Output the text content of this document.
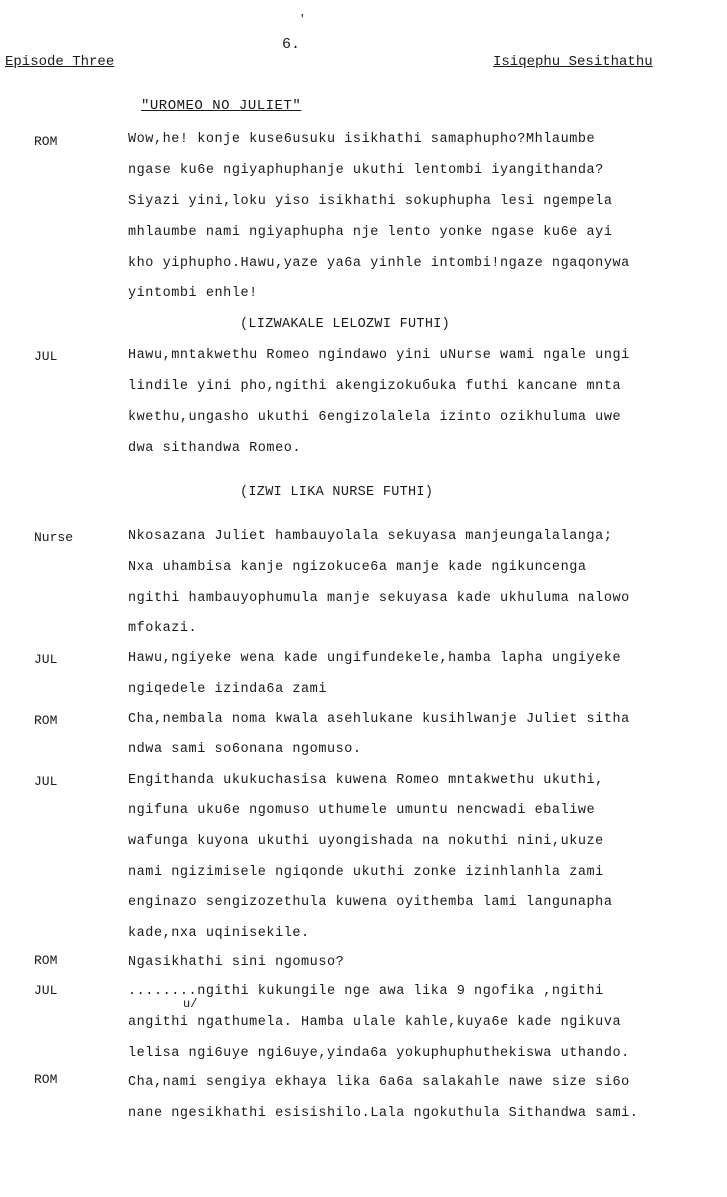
'
6.
Episode Three	Isiqephu Sesithathu
"UROMEO NO JULIET"
ROM	Wow,he! konje kuse6usuku isikhathi samaphupho?Mhlaumbe
ngase ku6e ngiyaphuphanje ukuthi lentombi iyangithanda?
Siyazi yini,loku yiso isikhathi sokuphupha lesi ngempela
mhlaumbe nami ngiyaphupha nje lento yonke ngase ku6e ayi
kho yiphupho.Hawu,yaze ya6a yinhle intombi!ngaze ngaqonywa
yintombi enhle!
(LIZWAKALE LELOZWI FUTHI)
JUL	Hawu,mntakwethu Romeo ngindawo yini uNurse wami ngale ungi
lindile yini pho,ngithi akengizokuбuka futhi kancane mnta
kwethu,ungasho ukuthi 6engizolalela izinto ozikhuluma uwe
dwa sithandwa Romeo.
(IZWI LIKA NURSE FUTHI)
Nurse	Nkosazana Juliet hambauyolala sekuyasa manjeungalalanga;
Nxa uhambisa kanje ngizokuce6a manje kade ngikuncenga
ngithi hambauyophumula manje sekuyasa kade ukhuluma nalowo
mfokazi.
JUL	Hawu,ngiyeke wena kade ungifundekele,hamba lapha ungiyeke
ngiqedele izinda6a zami
ROM	Cha,nembala noma kwala asehlukane kusihlwanje Juliet sitha
ndwa sami so6onana ngomuso.
JUL	Engithanda ukukuchasisa kuwena Romeo mntakwethu ukuthi,
ngifuna uku6e ngomuso uthumele umuntu nencwadi ebaliwe
wafunga kuyona ukuthi uyongishada na nokuthi nini,ukuze
nami ngizimisele ngiqonde ukuthi zonke izinhlanhla zami
enginazo sengizozethula kuwena oyithemba lami langunapha
kade,nxa uqinisekile.
ROM	Ngasikhathi sini ngomuso?
JUL	........ngithi kukungile nge awa lika 9 ngofika ,ngithi
u/
angithi ngathumela. Hamba ulale kahle,kuya6e kade ngikuva
lelisa ngi6uye ngi6uye,yinda6a yokuphuphuthekiswa uthando.
ROM	Cha,nami sengiya ekhaya lika 6a6a salakahle nawe size si6o
nane ngesikhathi esisishilo.Lala ngokuthula Sithandwa sami.
